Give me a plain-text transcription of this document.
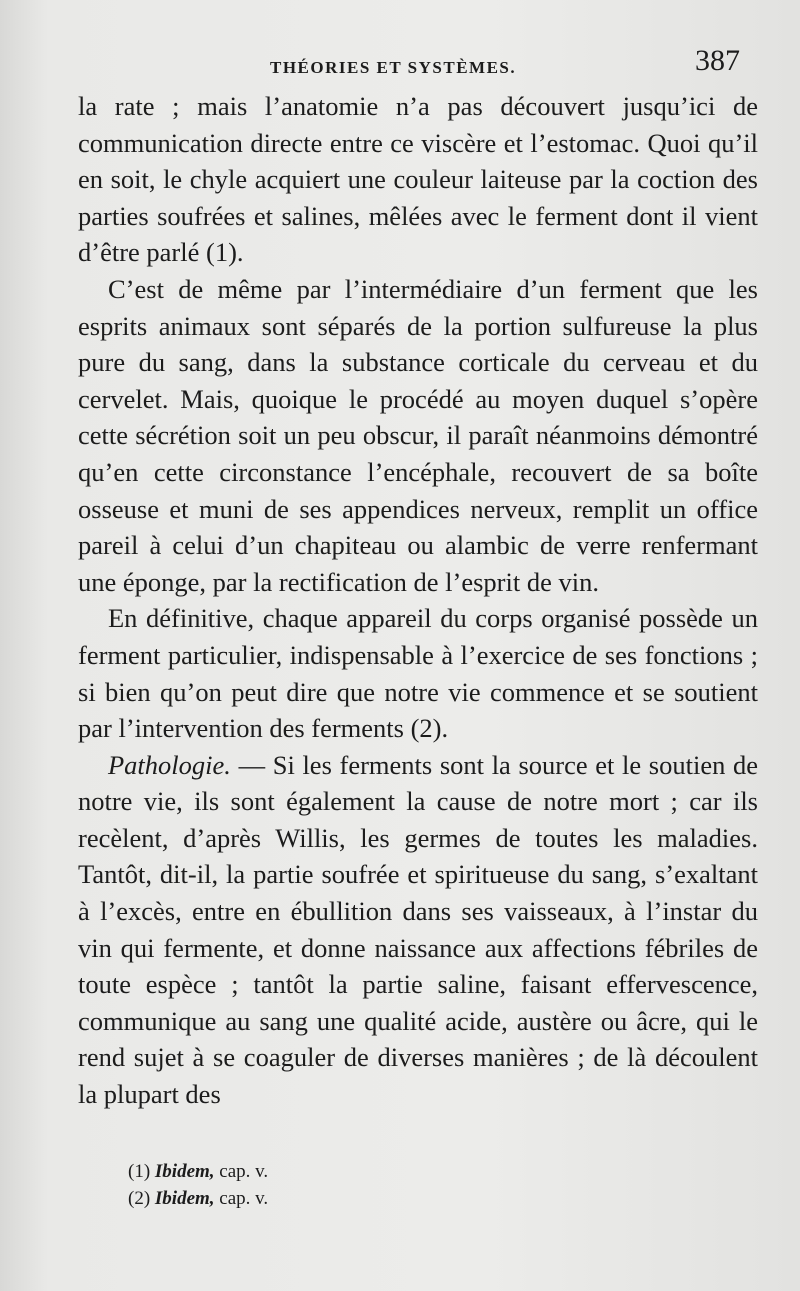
THÉORIES ET SYSTÈMES.	387

la rate ; mais l’anatomie n’a pas découvert jusqu’ici de communication directe entre ce viscère et l’estomac. Quoi qu’il en soit, le chyle acquiert une couleur laiteuse par la coction des parties soufrées et salines, mêlées avec le ferment dont il vient d’être parlé (1).

C’est de même par l’intermédiaire d’un ferment que les esprits animaux sont séparés de la portion sulfureuse la plus pure du sang, dans la substance corticale du cerveau et du cervelet. Mais, quoique le procédé au moyen duquel s’opère cette sécrétion soit un peu obscur, il paraît néanmoins démontré qu’en cette circonstance l’encéphale, recouvert de sa boîte osseuse et muni de ses appendices nerveux, remplit un office pareil à celui d’un chapiteau ou alambic de verre renfermant une éponge, par la rectification de l’esprit de vin.

En définitive, chaque appareil du corps organisé possède un ferment particulier, indispensable à l’exercice de ses fonctions ; si bien qu’on peut dire que notre vie commence et se soutient par l’intervention des ferments (2).

Pathologie. — Si les ferments sont la source et le soutien de notre vie, ils sont également la cause de notre mort ; car ils recèlent, d’après Willis, les germes de toutes les maladies. Tantôt, dit-il, la partie soufrée et spiritueuse du sang, s’exaltant à l’excès, entre en ébullition dans ses vaisseaux, à l’instar du vin qui fermente, et donne naissance aux affections fébriles de toute espèce ; tantôt la partie saline, faisant effervescence, communique au sang une qualité acide, austère ou âcre, qui le rend sujet à se coaguler de diverses manières ; de là découlent la plupart des

(1) Ibidem, cap. v.
(2) Ibidem, cap. v.
